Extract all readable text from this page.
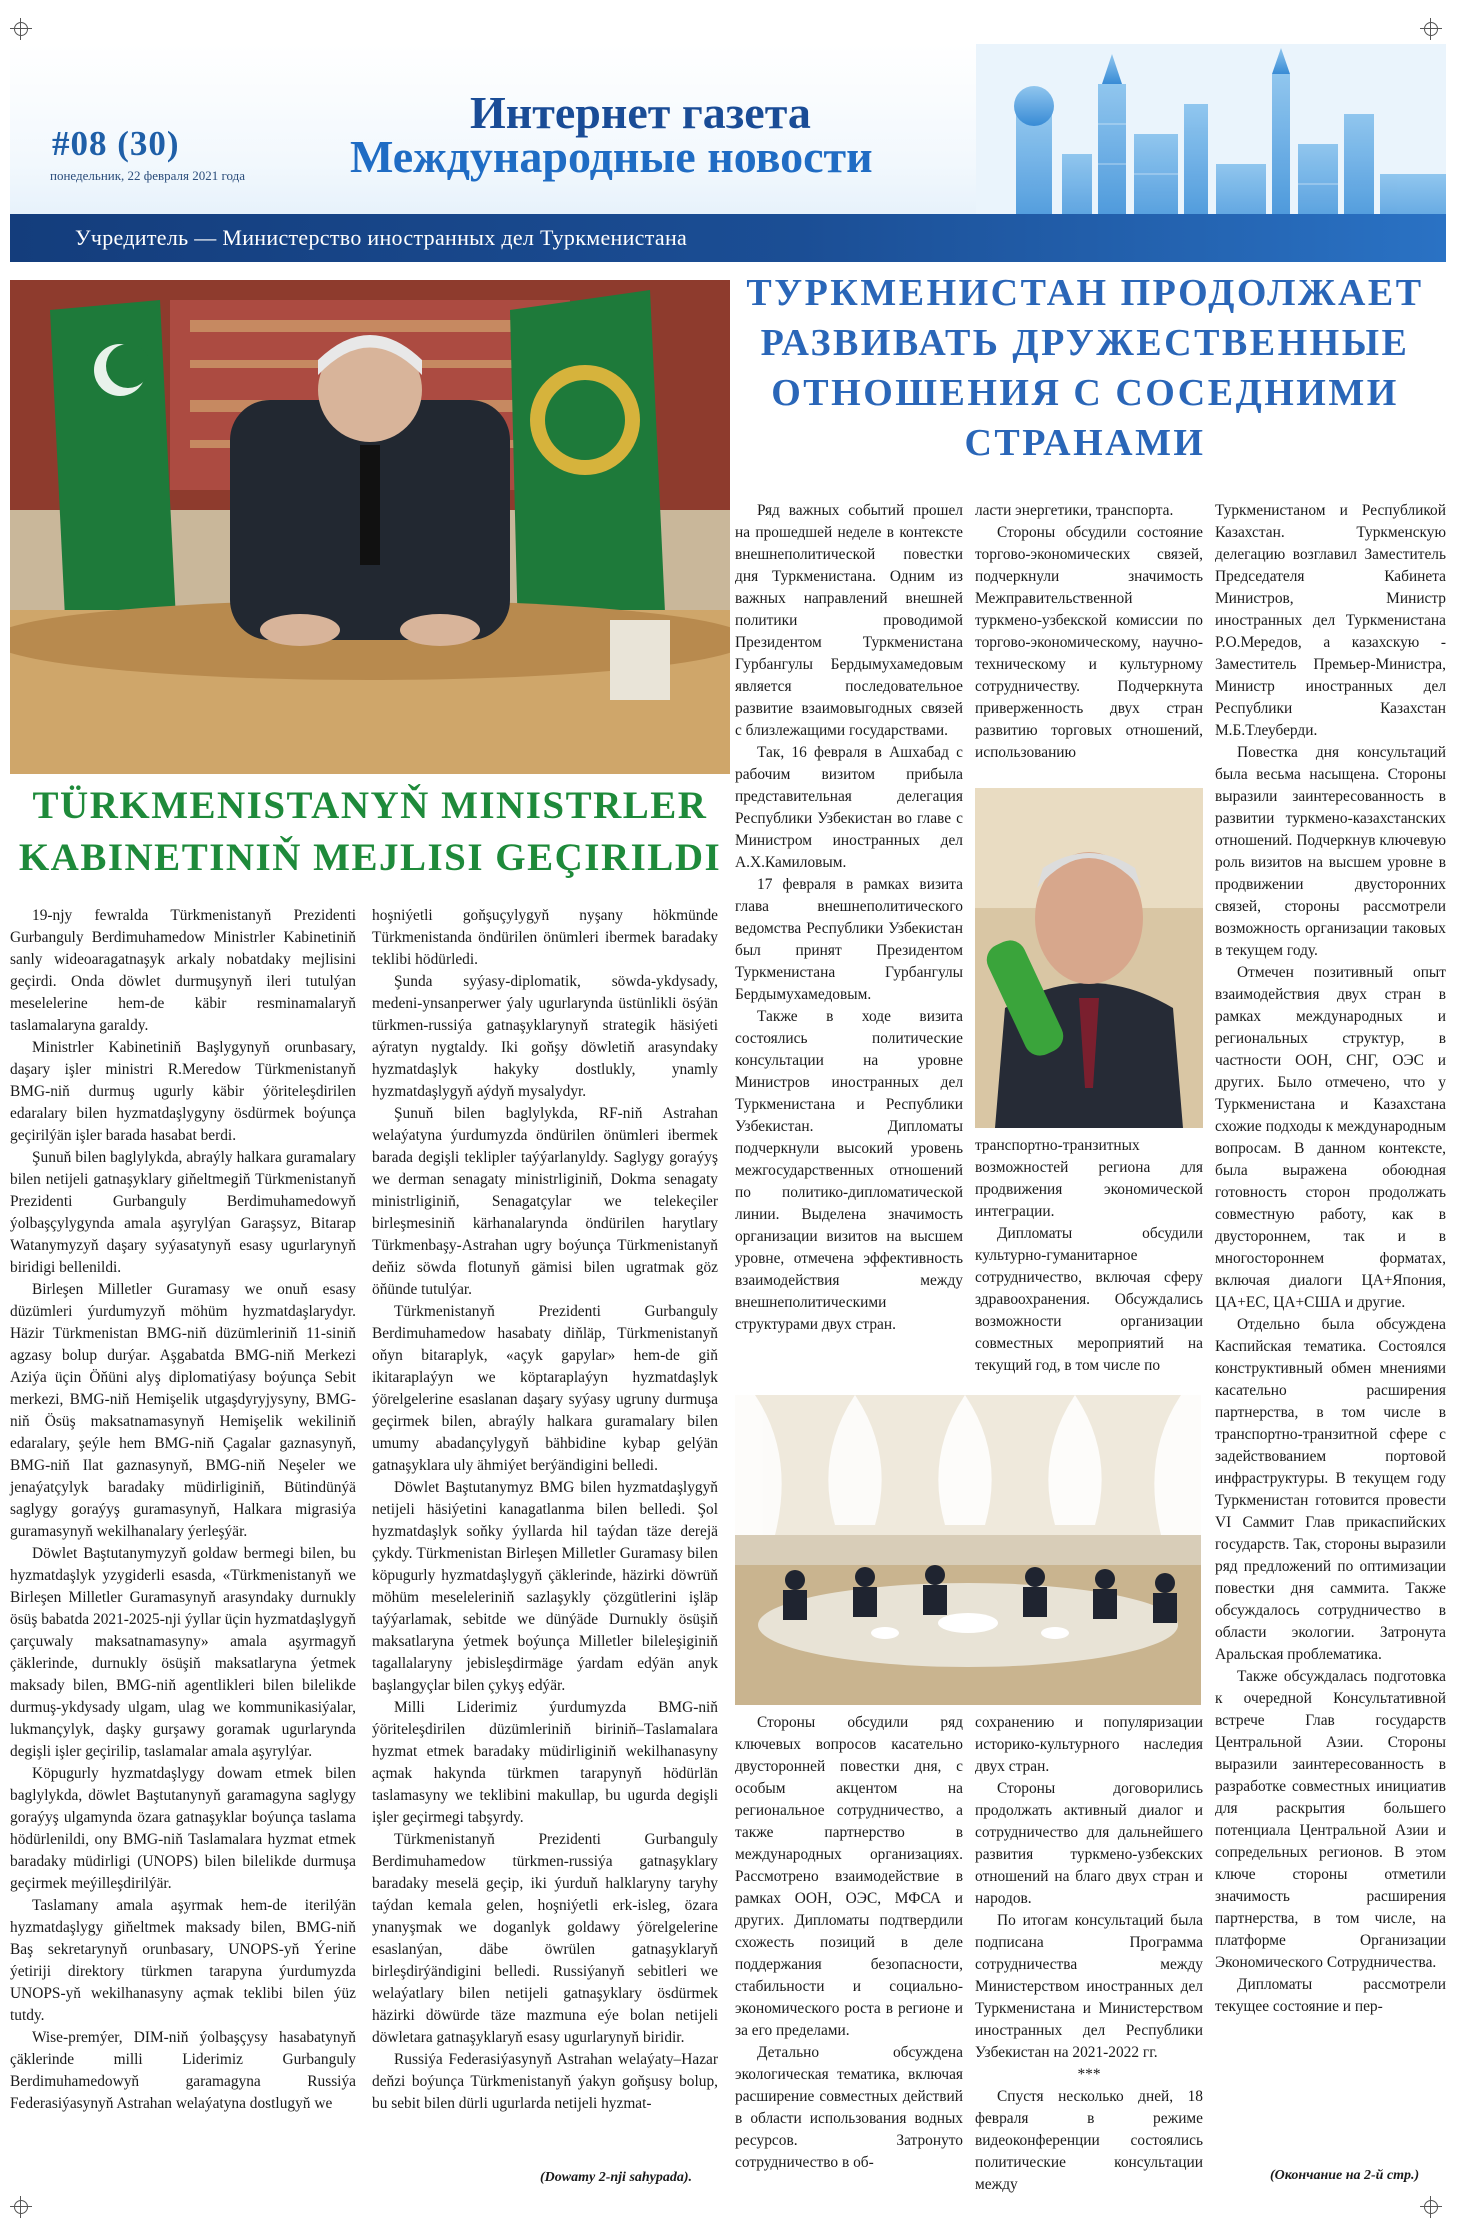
#08 (30)
понедельник, 22 февраля 2021 года
Интернет газета
Международные новости
Учредитель — Министерство иностранных дел Туркменистана
ТУРКМЕНИСТАН ПРОДОЛЖАЕТ РАЗВИВАТЬ ДРУЖЕСТВЕННЫЕ ОТНОШЕНИЯ С СОСЕДНИМИ СТРАНАМИ
TÜRKMENISTANYŇ MINISTRLER KABINETINIŇ MEJLISI GEÇIRILDI

19-njy fewralda Türkmenistanyň Prezidenti Gurbanguly Berdimuhamedow Ministrler Kabinetiniň sanly wideoaragatnaşyk arkaly nobatdaky mejlisini geçirdi. Onda döwlet durmuşynyň ileri tutulýan meselelerine hem-de käbir resminamalaryň taslamalaryna garaldy.

Ministrler Kabinetiniň Başlygynyň orunbasary, daşary işler ministri R.Meredow Türkmenistanyň BMG-niň durmuş ugurly käbir ýöriteleşdirilen edaralary bilen hyzmatdaşlygyny ösdürmek boýunça geçirilýän işler barada hasabat berdi.

Şunuň bilen baglylykda, abraýly halkara guramalary bilen netijeli gatnaşyklary giňeltmegiň Türkmenistanyň Prezidenti Gurbanguly Berdimuhamedowyň ýolbaşçylygynda amala aşyrylýan Garaşsyz, Bitarap Watanymyzyň daşary syýasatynyň esasy ugurlarynyň biridigi bellenildi.

Birleşen Milletler Guramasy we onuň esasy düzümleri ýurdumyzyň möhüm hyzmatdaşlarydyr. Häzir Türkmenistan BMG-niň düzümleriniň 11-siniň agzasy bolup durýar. Aşgabatda BMG-niň Merkezi Aziýa üçin Öňüni alyş diplomatiýasy boýunça Sebit merkezi, BMG-niň Hemişelik utgaşdyryjysyny, BMG-niň Ösüş maksatnamasynyň Hemişelik wekiliniň edaralary, şeýle hem BMG-niň Çagalar gaznasynyň, BMG-niň Ilat gaznasynyň, BMG-niň Neşeler we jenaýatçylyk baradaky müdirliginiň, Bütindünýä saglygy goraýyş guramasynyň, Halkara migrasiýa guramasynyň wekilhanalary ýerleşýär.

Döwlet Baştutanymyzyň goldaw bermegi bilen, bu hyzmatdaşlyk yzygiderli esasda, «Türkmenistanyň we Birleşen Milletler Guramasynyň arasyndaky durnukly ösüş babatda 2021-2025-nji ýyllar üçin hyzmatdaşlygyň çarçuwaly maksatnamasyny» amala aşyrmagyň çäklerinde, durnukly ösüşiň maksatlaryna ýetmek maksady bilen, BMG-niň agentlikleri bilen bilelikde durmuş-ykdysady ulgam, ulag we kommunikasiýalar, lukmançylyk, daşky gurşawy goramak ugurlarynda degişli işler geçirilip, taslamalar amala aşyrylýar.

Köpugurly hyzmatdaşlygy dowam etmek bilen baglylykda, döwlet Baştutanynyň garamagyna saglygy goraýyş ulgamynda özara gatnaşyklar boýunça taslama hödürlenildi, ony BMG-niň Taslamalara hyzmat etmek baradaky müdirligi (UNOPS) bilen bilelikde durmuşa geçirmek meýilleşdirilýär.

Taslamany amala aşyrmak hem-de iterilýän hyzmatdaşlygy giňeltmek maksady bilen, BMG-niň Baş sekretarynyň orunbasary, UNOPS-yň Ýerine ýetiriji direktory türkmen tarapyna ýurdumyzda UNOPS-yň wekilhanasyny açmak teklibi bilen ýüz tutdy.

Wise-premýer, DIM-niň ýolbaşçysy hasabatynyň çäklerinde milli Liderimiz Gurbanguly Berdimuhamedowyň garamagyna Russiýa Federasiýasynyň Astrahan welaýatyna dostlugyň we

hoşniýetli goňşuçylygyň nyşany hökmünde Türkmenistanda öndürilen önümleri ibermek baradaky teklibi hödürledi.

Şunda syýasy-diplomatik, söwda-ykdysady, medeni-ynsanperwer ýaly ugurlarynda üstünlikli ösýän türkmen-russiýa gatnaşyklarynyň strategik häsiýeti aýratyn nygtaldy. Iki goňşy döwletiň arasyndaky hyzmatdaşlyk hakyky dostlukly, ynamly hyzmatdaşlygyň aýdyň mysalydyr.

Şunuň bilen baglylykda, RF-niň Astrahan welaýatyna ýurdumyzda öndürilen önümleri ibermek barada degişli teklipler taýýarlanyldy. Saglygy goraýyş we derman senagaty ministrliginiň, Dokma senagaty ministrliginiň, Senagatçylar we telekeçiler birleşmesiniň kärhanalarynda öndürilen harytlary Türkmenbaşy-Astrahan ugry boýunça Türkmenistanyň deňiz söwda flotunyň gämisi bilen ugratmak göz öňünde tutulýar.

Türkmenistanyň Prezidenti Gurbanguly Berdimuhamedow hasabaty diňläp, Türkmenistanyň oňyn bitaraplyk, «açyk gapylar» hem-de giň ikitaraplaýyn we köptaraplaýyn hyzmatdaşlyk ýörelgelerine esaslanan daşary syýasy ugruny durmuşa geçirmek bilen, abraýly halkara guramalary bilen umumy abadançylygyň bähbidine kybap gelýän gatnaşyklara uly ähmiýet berýändigini belledi.

Döwlet Baştutanymyz BMG bilen hyzmatdaşlygyň netijeli häsiýetini kanagatlanma bilen belledi. Şol hyzmatdaşlyk soňky ýyllarda hil taýdan täze derejä çykdy. Türkmenistan Birleşen Milletler Guramasy bilen köpugurly hyzmatdaşlygyň çäklerinde, häzirki döwrüň möhüm meseleleriniň sazlaşykly çözgütlerini işläp taýýarlamak, sebitde we dünýäde Durnukly ösüşiň maksatlaryna ýetmek boýunça Milletler bileleşiginiň tagallalaryny jebisleşdirmäge ýardam edýän anyk başlangyçlar bilen çykyş edýär.

Milli Liderimiz ýurdumyzda BMG-niň ýöriteleşdirilen düzümleriniň biriniň–Taslamalara hyzmat etmek baradaky müdirliginiň wekilhanasyny açmak hakynda türkmen tarapynyň hödürlän taslamasyny we teklibini makullap, bu ugurda degişli işler geçirmegi tabşyrdy.

Türkmenistanyň Prezidenti Gurbanguly Berdimuhamedow türkmen-russiýa gatnaşyklary baradaky meselä geçip, iki ýurduň halklaryny taryhy taýdan kemala gelen, hoşniýetli erk-isleg, özara ynanyşmak we doganlyk goldawy ýörelgelerine esaslanýan, däbe öwrülen gatnaşyklaryň birleşdirýändigini belledi. Russiýanyň sebitleri we welaýatlary bilen netijeli gatnaşyklary ösdürmek häzirki döwürde täze mazmuna eýe bolan netijeli döwletara gatnaşyklaryň esasy ugurlarynyň biridir.

Russiýa Federasiýasynyň Astrahan welaýaty–Hazar deňzi boýunça Türkmenistanyň ýakyn goňşusy bolup, bu sebit bilen dürli ugurlarda netijeli hyzmat-

(Dowamy 2-nji sahypada).

Ряд важных событий прошел на прошедшей неделе в контексте внешнеполитической повестки дня Туркменистана. Одним из важных направлений внешней политики проводимой Президентом Туркменистана Гурбангулы Бердымухамедовым является последовательное развитие взаимовыгодных связей с близлежащими государствами.

Так, 16 февраля в Ашхабад с рабочим визитом прибыла представительная делегация Республики Узбекистан во главе с Министром иностранных дел А.Х.Камиловым.

17 февраля в рамках визита глава внешнеполитического ведомства Республики Узбекистан был принят Президентом Туркменистана Гурбангулы Бердымухамедовым.

Также в ходе визита состоялись политические консультации на уровне Министров иностранных дел Туркменистана и Республики Узбекистан. Дипломаты подчеркнули высокий уровень межгосударственных отношений по политико-дипломатической линии. Выделена значимость организации визитов на высшем уровне, отмечена эффективность взаимодействия между внешнеполитическими структурами двух стран.

ласти энергетики, транспорта.

Стороны обсудили состояние торгово-экономических связей, подчеркнули значимость Межправительственной туркмено-узбекской комиссии по торгово-экономическому, научно-техническому и культурному сотрудничеству. Подчеркнута приверженность двух стран развитию торговых отношений, использованию

транспортно-транзитных возможностей региона для продвижения экономической интеграции.

Дипломаты обсудили культурно-гуманитарное сотрудничество, включая сферу здравоохранения. Обсуждались возможности организации совместных мероприятий на текущий год, в том числе по

Туркменистаном и Республикой Казахстан. Туркменскую делегацию возглавил Заместитель Председателя Кабинета Министров, Министр иностранных дел Туркменистана Р.О.Мередов, а казахскую - Заместитель Премьер-Министра, Министр иностранных дел Республики Казахстан М.Б.Тлеуберди.

Повестка дня консультаций была весьма насыщена. Стороны выразили заинтересованность в развитии туркмено-казахстанских отношений. Подчеркнув ключевую роль визитов на высшем уровне в продвижении двусторонних связей, стороны рассмотрели возможность организации таковых в текущем году.

Отмечен позитивный опыт взаимодействия двух стран в рамках международных и региональных структур, в частности ООН, СНГ, ОЭС и других. Было отмечено, что у Туркменистана и Казахстана схожие подходы к международным вопросам. В данном контексте, была выражена обоюдная готовность сторон продолжать совместную работу, как в двустороннем, так и в многостороннем форматах, включая диалоги ЦА+Япония, ЦА+ЕС, ЦА+США и другие.

Отдельно была обсуждена Каспийская тематика. Состоялся конструктивный обмен мнениями касательно расширения партнерства, в том числе в транспортно-транзитной сфере с задействованием портовой инфраструктуры. В текущем году Туркменистан готовится провести VI Саммит Глав прикаспийских государств. Так, стороны выразили ряд предложений по оптимизации повестки дня саммита. Также обсуждалось сотрудничество в области экологии. Затронута Аральская проблематика.

Также обсуждалась подготовка к очередной Консультативной встрече Глав государств Центральной Азии. Стороны выразили заинтересованность в разработке совместных инициатив для раскрытия большего потенциала Центральной Азии и сопредельных регионов. В этом ключе стороны отметили значимость расширения партнерства, в том числе, на платформе Организации Экономического Сотрудничества.

Дипломаты рассмотрели текущее состояние и пер-

(Окончание на 2-й стр.)

Стороны обсудили ряд ключевых вопросов касательно двусторонней повестки дня, с особым акцентом на региональное сотрудничество, а также партнерство в международных организациях. Рассмотрено взаимодействие в рамках ООН, ОЭС, МФСА и других. Дипломаты подтвердили схожесть позиций в деле поддержания безопасности, стабильности и социально-экономического роста в регионе и за его пределами.

Детально обсуждена экологическая тематика, включая расширение совместных действий в области использования водных ресурсов. Затронуто сотрудничество в об-

сохранению и популяризации историко-культурного наследия двух стран.

Стороны договорились продолжать активный диалог и сотрудничество для дальнейшего развития туркмено-узбекских отношений на благо двух стран и народов.

По итогам консультаций была подписана Программа сотрудничества между Министерством иностранных дел Туркменистана и Министерством иностранных дел Республики Узбекистан на 2021-2022 гг.

***

Спустя несколько дней, 18 февраля в режиме видеоконференции состоялись политические консультации между
